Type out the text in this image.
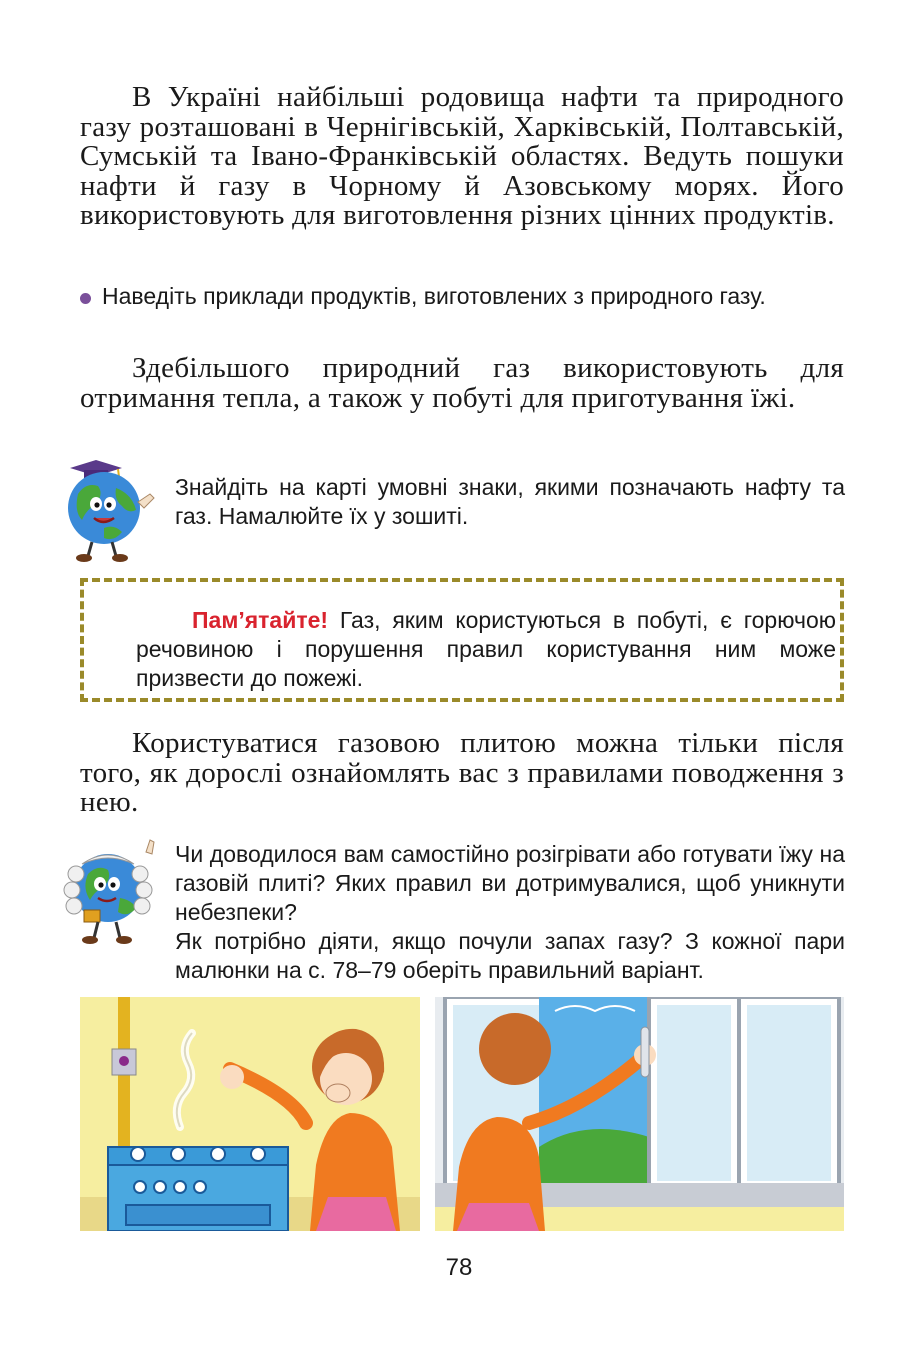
В Україні найбільші родовища нафти та природного газу розташовані в Чернігівській, Харківській, Полтавській, Сумській та Івано-Франківській областях. Ведуть пошуки нафти й газу в Чорному й Азовському морях. Його використовують для виготовлення різних цінних продуктів.

Наведіть приклади продуктів, виготовлених з природного газу.

Здебільшого природний газ використовують для отримання тепла, а також у побуті для приготування їжі.

Знайдіть на карті умовні знаки, якими позначають нафту та газ. Намалюйте їх у зошиті.

Пам’ятайте! Газ, яким користуються в побуті, є горючою речовиною і порушення правил користування ним може призвести до пожежі.

Користуватися газовою плитою можна тільки після того, як дорослі ознайомлять вас з правилами поводження з нею.

Чи доводилося вам самостійно розігрівати або готувати їжу на газовій плиті? Яких правил ви дотримувалися, щоб уникнути небезпеки?

Як потрібно діяти, якщо почули запах газу? З кожної пари малюнки на с. 78–79 оберіть правильний варіант.

78
